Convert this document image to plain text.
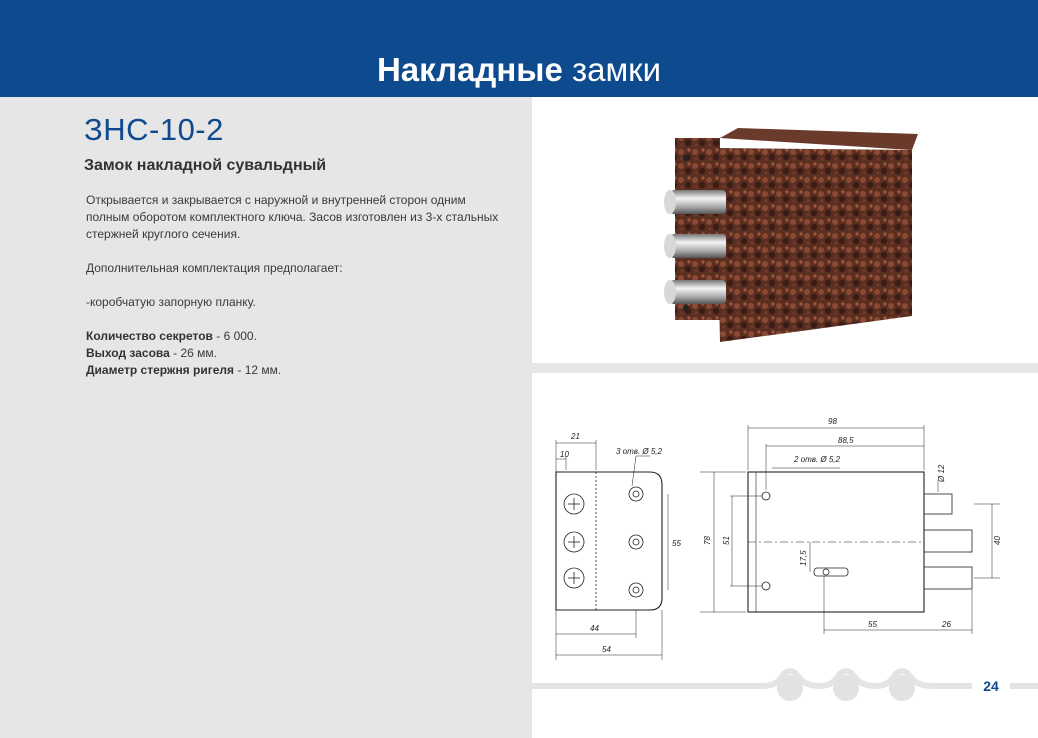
Накладные замки
ЗНС-10-2
Замок накладной сувальдный

Открывается и закрывается с наружной и внутренней сторон одним полным оборотом комплектного ключа. Засов изготовлен из 3-х стальных стержней круглого сечения.

Дополнительная комплектация предполагает:

-коробчатую запорную планку.

Количество секретов - 6 000.
Выход засова - 26 мм.
Диаметр стержня ригеля - 12 мм.
21
10	3 отв. Ø 5,2
55
44
54
98
88,5
2 отв. Ø 5,2
Ø 12
78 51
17,5
40
55	26
24
